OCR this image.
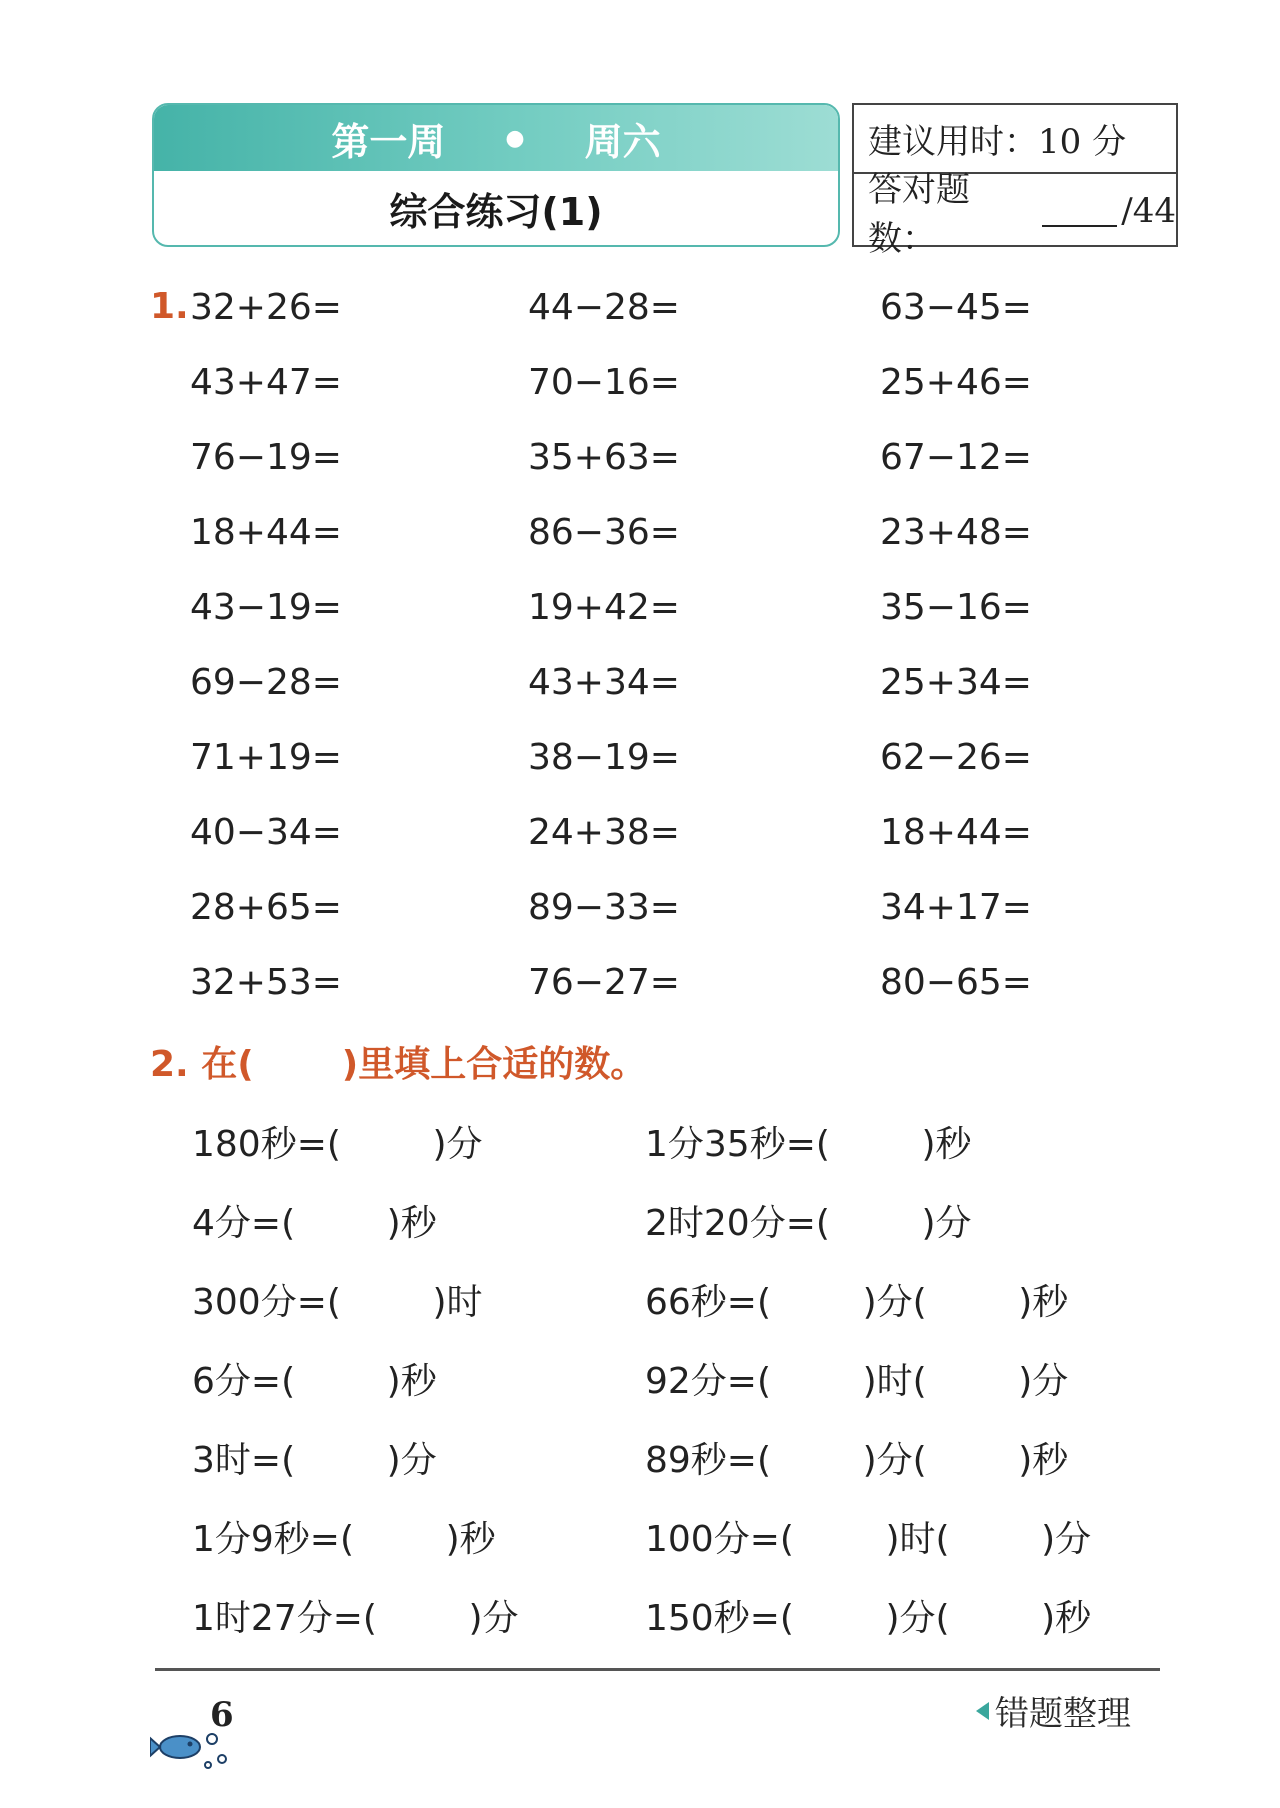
第一周	● 周六
综合练习(1)
建议用时：10 分
答对题数：
/44
1. 32+26=
43+47=
76−19=
18+44=
43−19=
69−28=
71+19=
40−34=
28+65=
32+53=
44−28=
70−16=
35+63=
86−36=
19+42=
43+34=
38−19=
24+38=
89−33=
76−27=
63−45=
25+46=
67−12=
23+48=
35−16=
25+34=
62−26=
18+44=
34+17=
80−65=
2. 在( )里填上合适的数。
180秒=(        )分
4分=(        )秒
300分=(        )时
6分=(        )秒
3时=(        )分
1分9秒=(        )秒
1时27分=(        )分
1分35秒=(        )秒
2时20分=(        )分
66秒=(        )分(        )秒
92分=(        )时(        )分
89秒=(        )分(        )秒
100分=(        )时(        )分
150秒=(        )分(        )秒
6	错题整理
